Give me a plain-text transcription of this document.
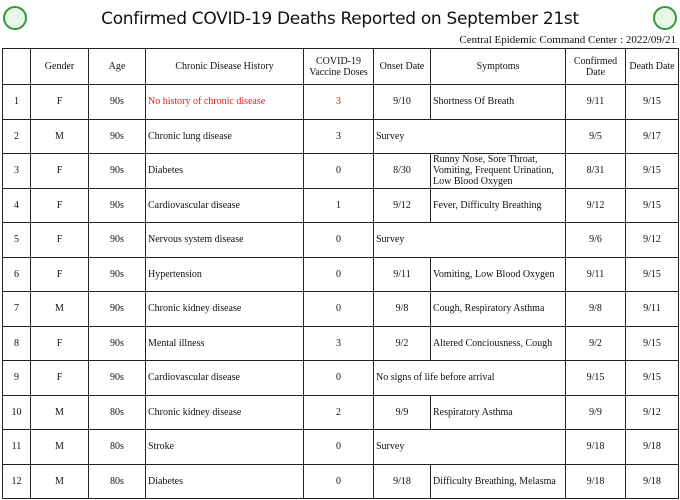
Confirmed COVID-19 Deaths Reported on September 21st
Central Epidemic Command Center : 2022/09/21
	Gender	Age	Chronic Disease History	COVID-19 Vaccine Doses	Onset Date	Symptoms	Confirmed Date	Death Date
1	F	90s	No history of chronic disease	3	9/10	Shortness Of Breath	9/11	9/15
2	M	90s	Chronic lung disease	3	Survey		9/5	9/17
3	F	90s	Diabetes	0	8/30	Runny Nose, Sore Throat, Vomiting, Frequent Urination, Low Blood Oxygen	8/31	9/15
4	F	90s	Cardiovascular disease	1	9/12	Fever, Difficulty Breathing	9/12	9/15
5	F	90s	Nervous system disease	0	Survey		9/6	9/12
6	F	90s	Hypertension	0	9/11	Vomiting, Low Blood Oxygen	9/11	9/15
7	M	90s	Chronic kidney disease	0	9/8	Cough, Respiratory Asthma	9/8	9/11
8	F	90s	Mental illness	3	9/2	Altered Conciousness, Cough	9/2	9/15
9	F	90s	Cardiovascular disease	0	No signs of life before arrival		9/15	9/15
10	M	80s	Chronic kidney disease	2	9/9	Respiratory Asthma	9/9	9/12
11	M	80s	Stroke	0	Survey		9/18	9/18
12	M	80s	Diabetes	0	9/18	Difficulty Breathing, Melasma	9/18	9/18
